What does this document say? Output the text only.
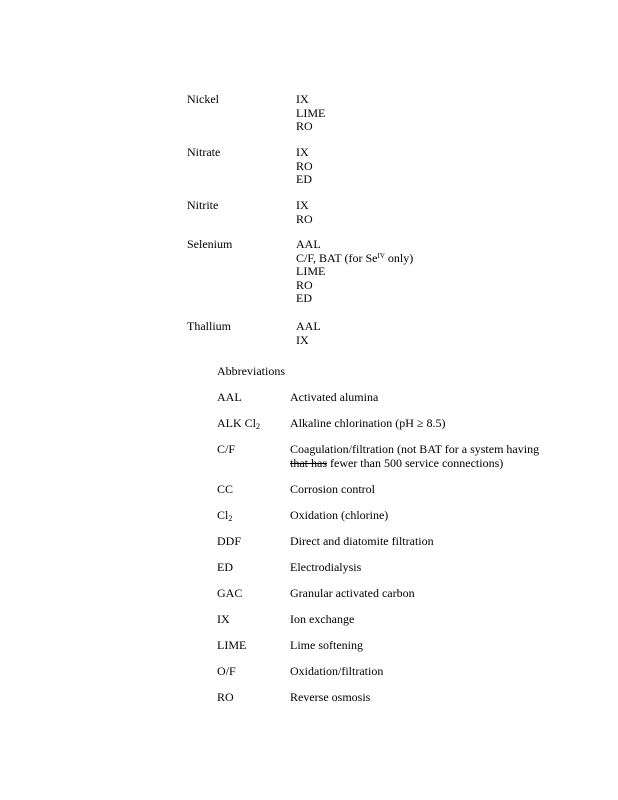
Nickel	IX
LIME
RO
Nitrate	IX
RO
ED
Nitrite	IX
RO
Selenium	AAL
C/F, BAT (for $Se^{IV}$ only)
LIME
RO
ED
Thallium	AAL
IX
Abbreviations
AAL	Activated alumina
ALK $Cl_2$	Alkaline chlorination (pH ≥ 8.5)
C/F	Coagulation/filtration (not BAT for a system having
that has fewer than 500 service connections)
CC	Corrosion control
$Cl_2$	Oxidation (chlorine)
DDF	Direct and diatomite filtration
ED	Electrodialysis
GAC	Granular activated carbon
IX	Ion exchange
LIME	Lime softening
O/F	Oxidation/filtration
RO	Reverse osmosis
